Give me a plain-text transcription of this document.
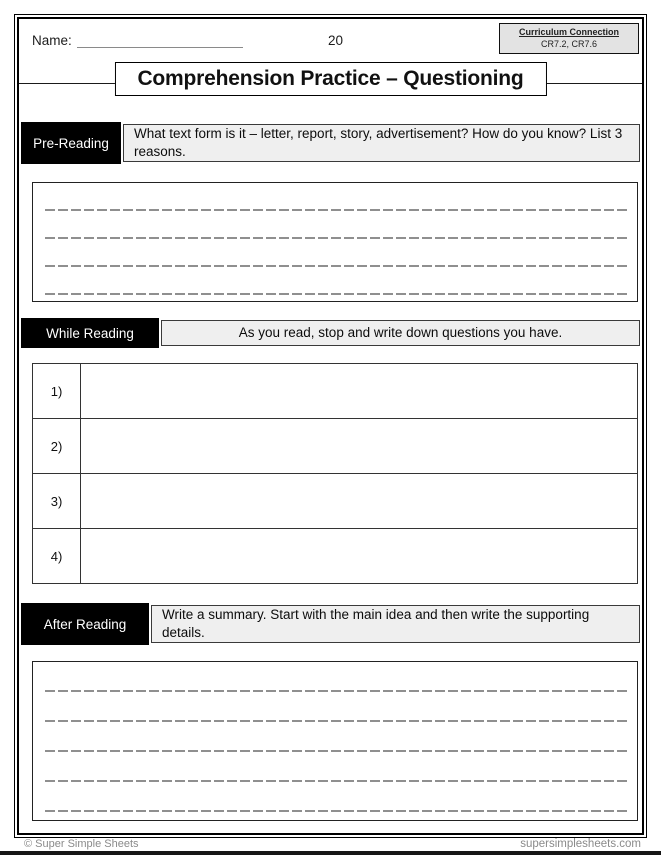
Name:	20
Curriculum Connection
CR7.2, CR7.6
Comprehension Practice – Questioning
Pre-Reading
What text form is it – letter, report, story, advertisement? How do you know? List 3 reasons.
While Reading	As you read, stop and write down questions you have.
1)	
2)	
3)	
4)	
After Reading
Write a summary. Start with the main idea and then write the supporting details.
© Super Simple Sheets	supersimplesheets.com
